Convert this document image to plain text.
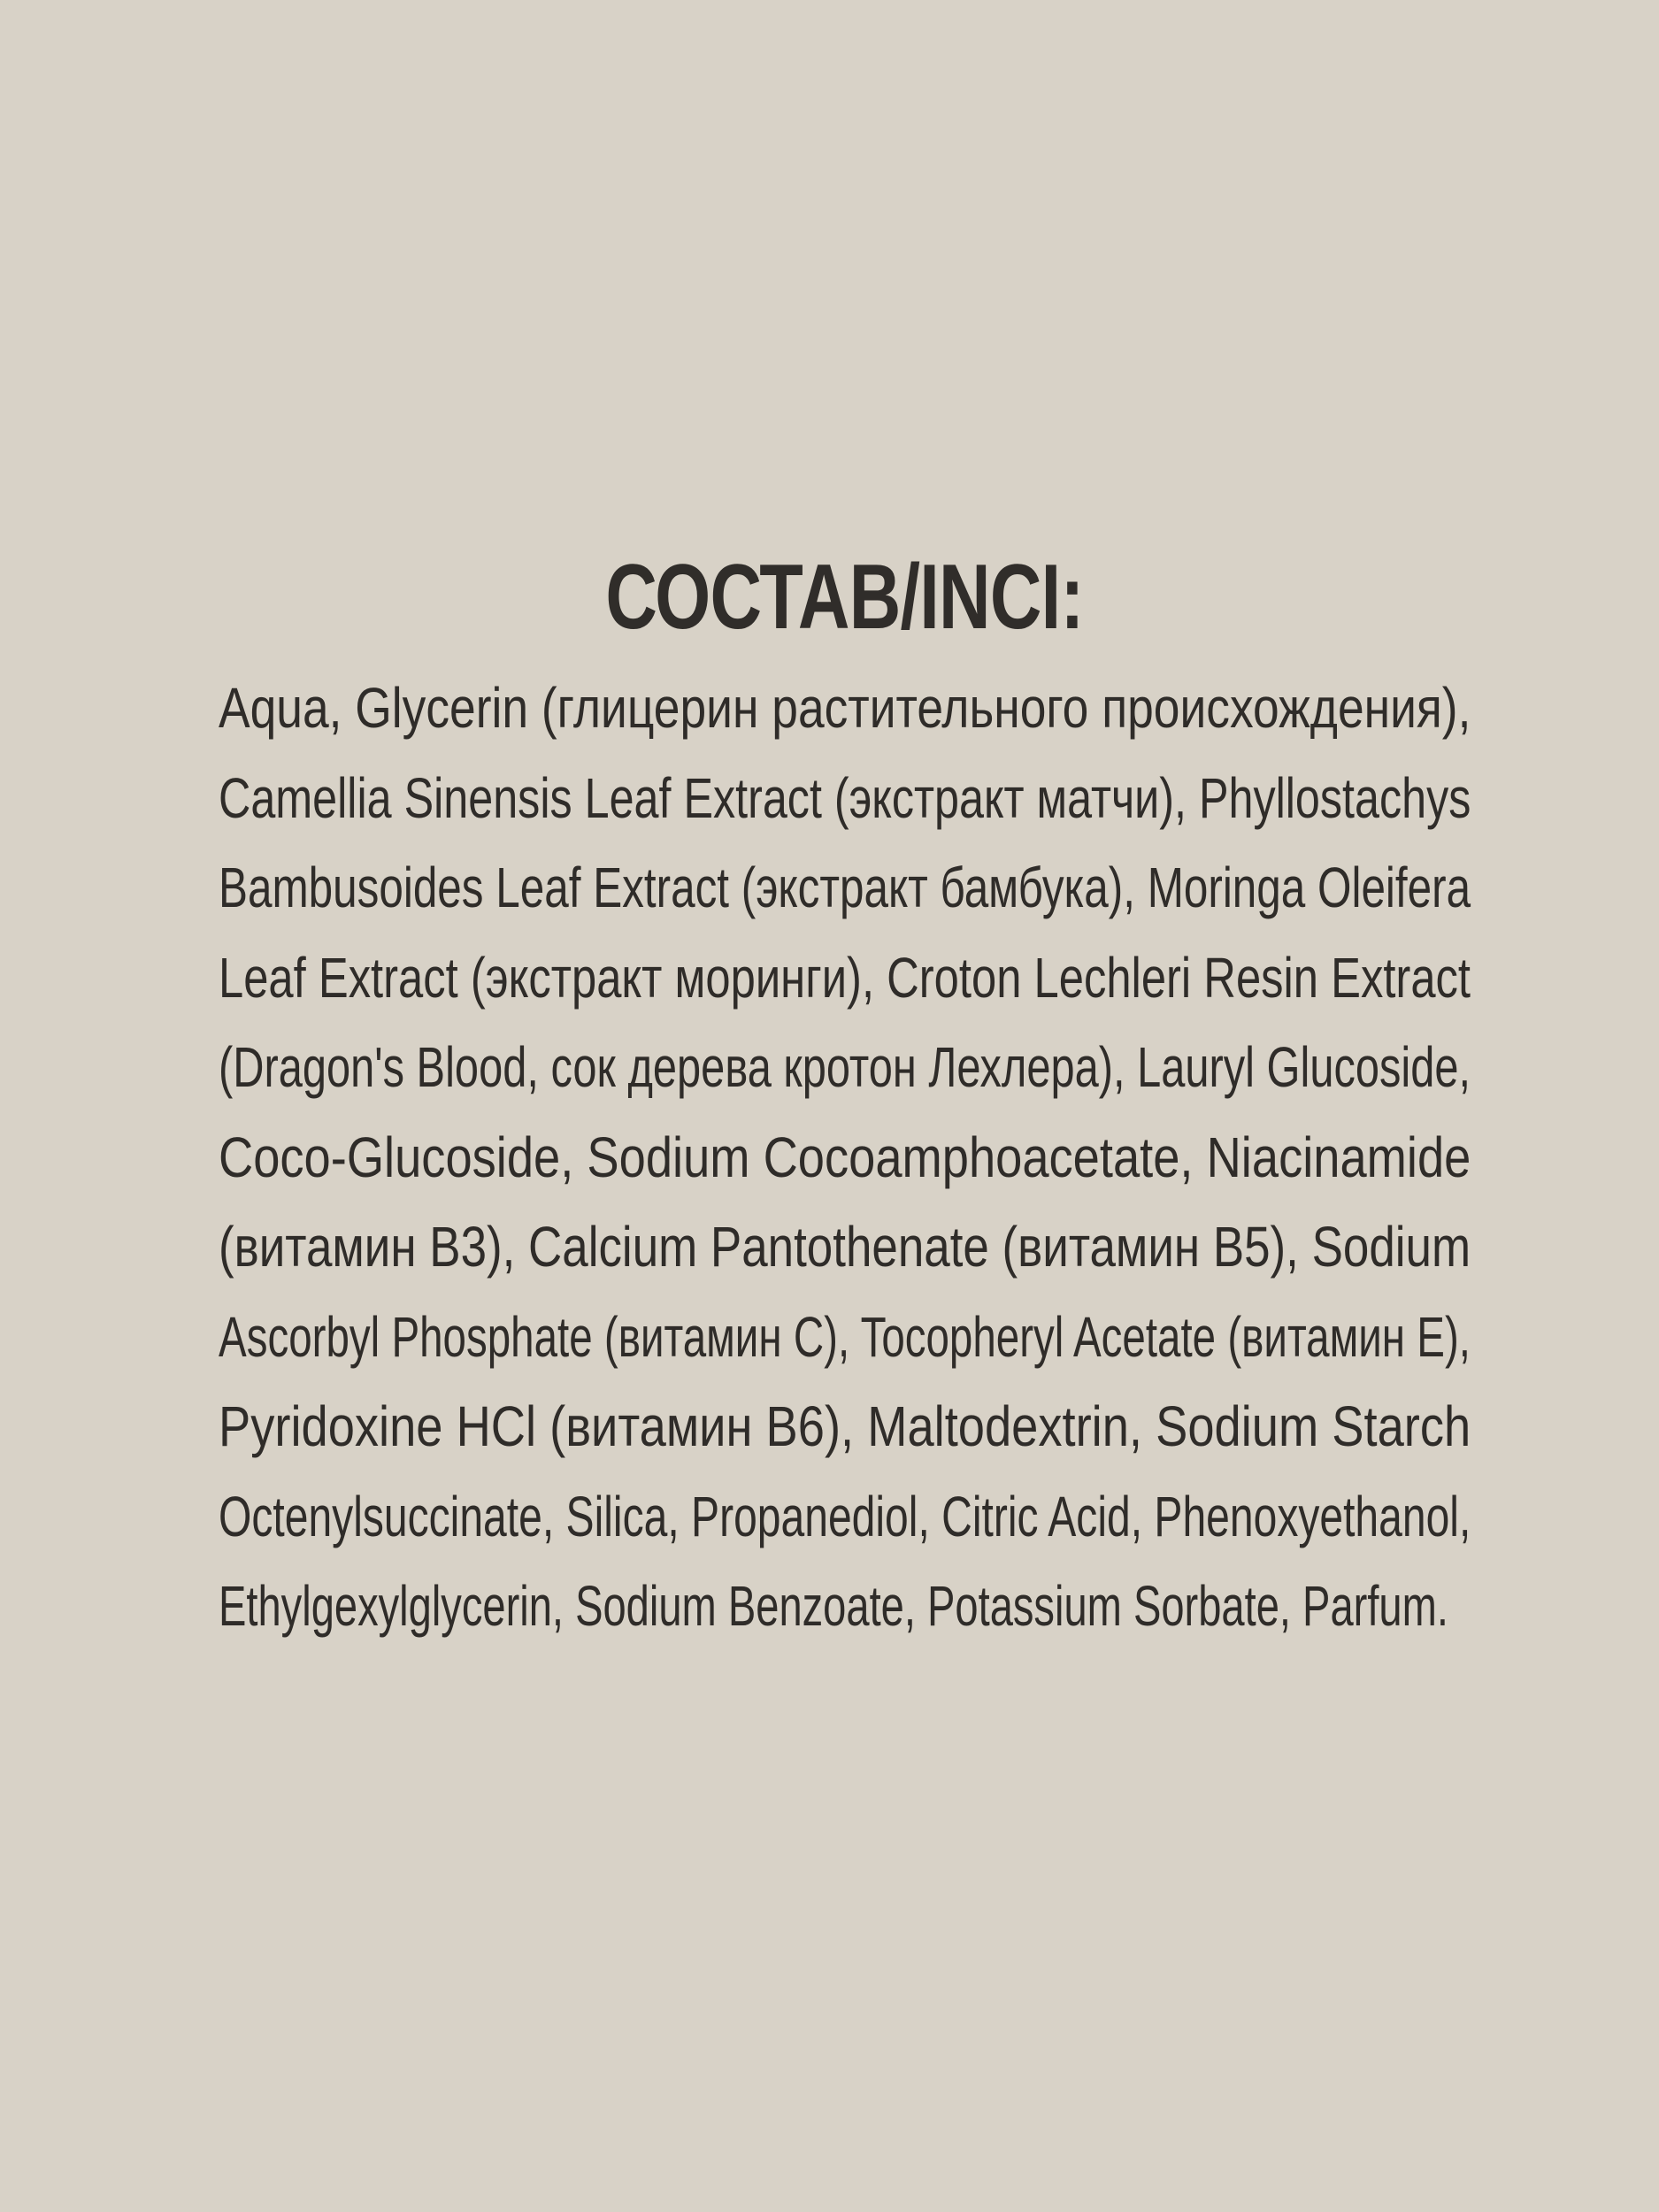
СОСТАВ/INCI:
Aqua, Glycerin (глицерин растительного происхождения),
Camellia Sinensis Leaf Extract (экстракт матчи), Phyllostachys
Bambusoides Leaf Extract (экстракт бамбука), Moringa Oleifera
Leaf Extract (экстракт моринги), Croton Lechleri Resin Extract
(Dragon's Blood, сок дерева кротон Лехлера), Lauryl Glucoside,
Coco-Glucoside, Sodium Cocoamphoacetate, Niacinamide
(витамин В3), Calcium Pantothenate (витамин В5), Sodium
Ascorbyl Phosphate (витамин С), Tocopheryl Acetate (витамин Е),
Pyridoxine HCl (витамин В6), Maltodextrin, Sodium Starch
Octenylsuccinate, Silica, Propanediol, Citric Acid, Phenoxyethanol,
Ethylgexylglycerin, Sodium Benzoate, Potassium Sorbate, Parfum.
